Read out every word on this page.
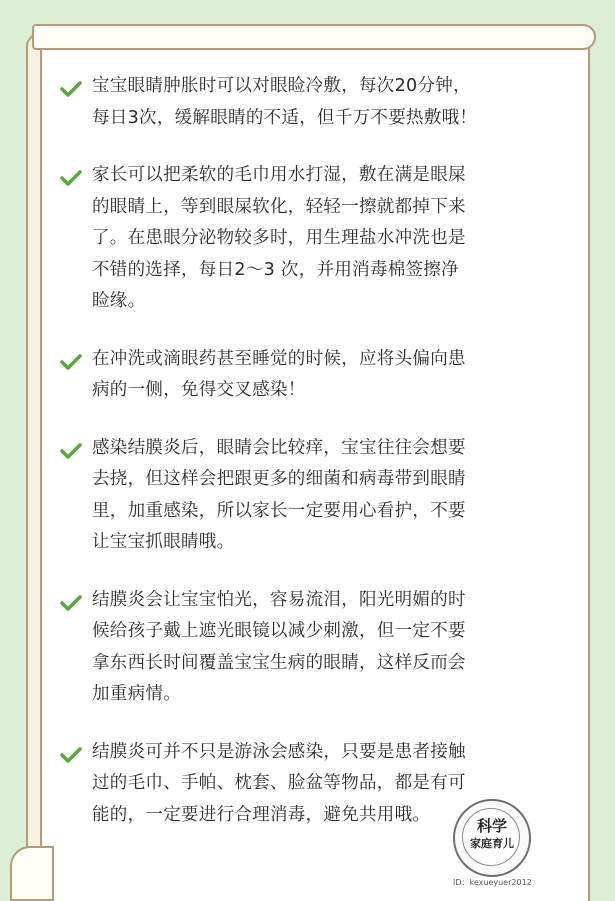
宝宝眼睛肿胀时可以对眼睑冷敷，每次20分钟，
每日3次，缓解眼睛的不适，但千万不要热敷哦！
家长可以把柔软的毛巾用水打湿，敷在满是眼屎
的眼睛上，等到眼屎软化，轻轻一擦就都掉下来
了。在患眼分泌物较多时，用生理盐水冲洗也是
不错的选择，每日2～3 次，并用消毒棉签擦净
睑缘。
在冲洗或滴眼药甚至睡觉的时候，应将头偏向患
病的一侧，免得交叉感染！
感染结膜炎后，眼睛会比较痒，宝宝往往会想要
去挠，但这样会把跟更多的细菌和病毒带到眼睛
里，加重感染，所以家长一定要用心看护，不要
让宝宝抓眼睛哦。
结膜炎会让宝宝怕光，容易流泪，阳光明媚的时
候给孩子戴上遮光眼镜以减少刺激，但一定不要
拿东西长时间覆盖宝宝生病的眼睛，这样反而会
加重病情。
结膜炎可并不只是游泳会感染，只要是患者接触
过的毛巾、手帕、枕套、脸盆等物品，都是有可
能的，一定要进行合理消毒，避免共用哦。
科学
家庭育儿
ID：kexueyuer2012
